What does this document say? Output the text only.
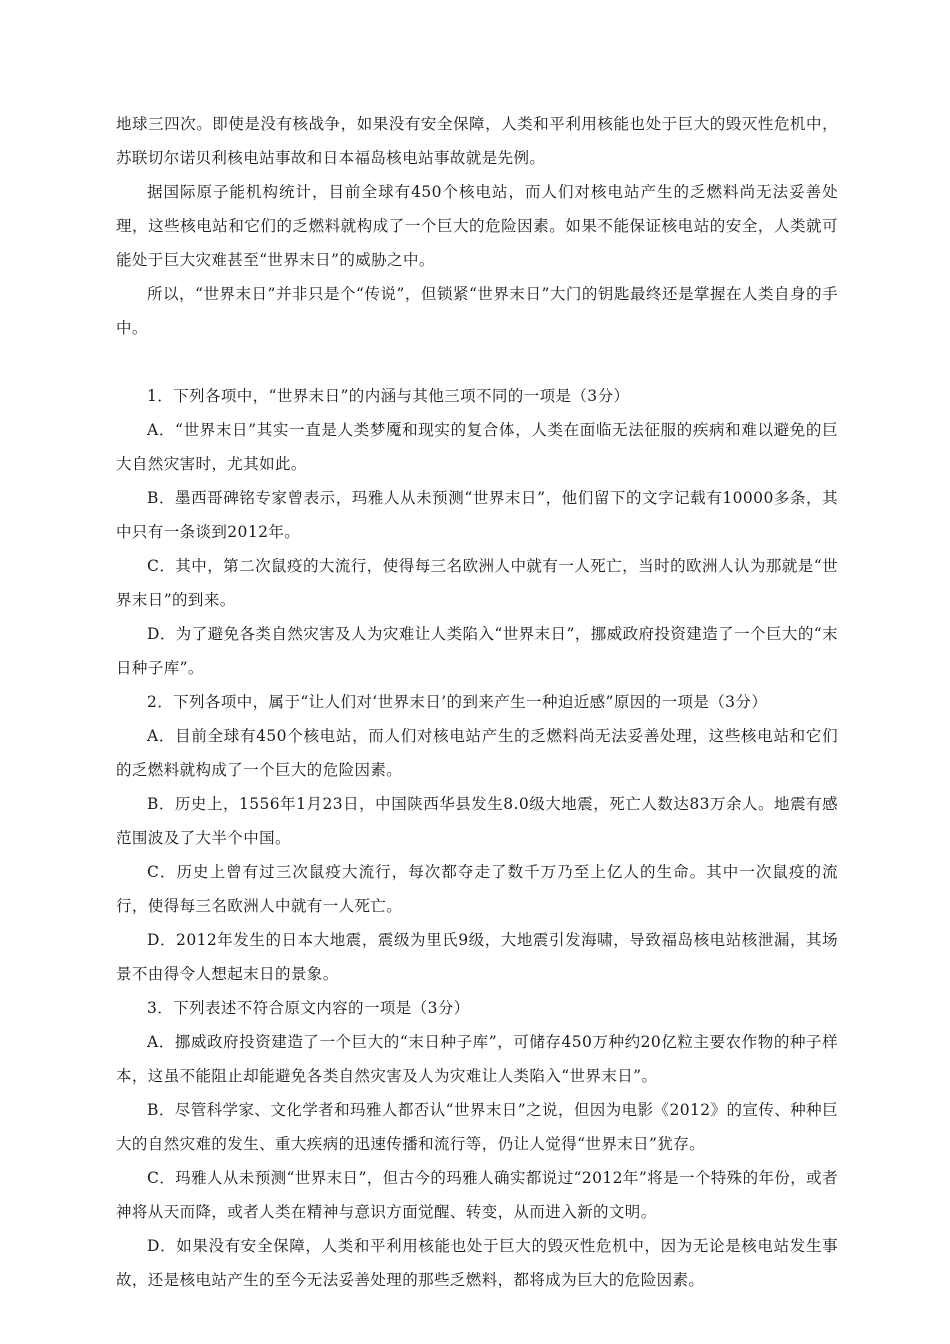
地球三四次。即使是没有核战争，如果没有安全保障，人类和平利用核能也处于巨大的毁灭性危机中，苏联切尔诺贝利核电站事故和日本福岛核电站事故就是先例。

据国际原子能机构统计，目前全球有450个核电站，而人们对核电站产生的乏燃料尚无法妥善处理，这些核电站和它们的乏燃料就构成了一个巨大的危险因素。如果不能保证核电站的安全，人类就可能处于巨大灾难甚至“世界末日”的威胁之中。

所以，“世界末日”并非只是个“传说”，但锁紧“世界末日”大门的钥匙最终还是掌握在人类自身的手中。

1．下列各项中，“世界末日”的内涵与其他三项不同的一项是（3分）

A．“世界末日”其实一直是人类梦魇和现实的复合体，人类在面临无法征服的疾病和难以避免的巨大自然灾害时，尤其如此。

B．墨西哥碑铭专家曾表示，玛雅人从未预测“世界末日”，他们留下的文字记载有10000多条，其中只有一条谈到2012年。

C．其中，第二次鼠疫的大流行，使得每三名欧洲人中就有一人死亡，当时的欧洲人认为那就是“世界末日”的到来。

D．为了避免各类自然灾害及人为灾难让人类陷入“世界末日”，挪威政府投资建造了一个巨大的“末日种子库”。

2．下列各项中，属于“让人们对‘世界末日’的到来产生一种迫近感”原因的一项是（3分）

A．目前全球有450个核电站，而人们对核电站产生的乏燃料尚无法妥善处理，这些核电站和它们的乏燃料就构成了一个巨大的危险因素。

B．历史上，1556年1月23日，中国陕西华县发生8.0级大地震，死亡人数达83万余人。地震有感范围波及了大半个中国。

C．历史上曾有过三次鼠疫大流行，每次都夺走了数千万乃至上亿人的生命。其中一次鼠疫的流行，使得每三名欧洲人中就有一人死亡。

D．2012年发生的日本大地震，震级为里氏9级，大地震引发海啸，导致福岛核电站核泄漏，其场景不由得令人想起末日的景象。

3．下列表述不符合原文内容的一项是（3分）

A．挪威政府投资建造了一个巨大的“末日种子库”，可储存450万种约20亿粒主要农作物的种子样本，这虽不能阻止却能避免各类自然灾害及人为灾难让人类陷入“世界末日”。

B．尽管科学家、文化学者和玛雅人都否认“世界末日”之说，但因为电影《2012》的宣传、种种巨大的自然灾难的发生、重大疾病的迅速传播和流行等，仍让人觉得“世界末日”犹存。

C．玛雅人从未预测“世界末日”，但古今的玛雅人确实都说过“2012年”将是一个特殊的年份，或者神将从天而降，或者人类在精神与意识方面觉醒、转变，从而进入新的文明。

D．如果没有安全保障，人类和平利用核能也处于巨大的毁灭性危机中，因为无论是核电站发生事故，还是核电站产生的至今无法妥善处理的那些乏燃料，都将成为巨大的危险因素。
